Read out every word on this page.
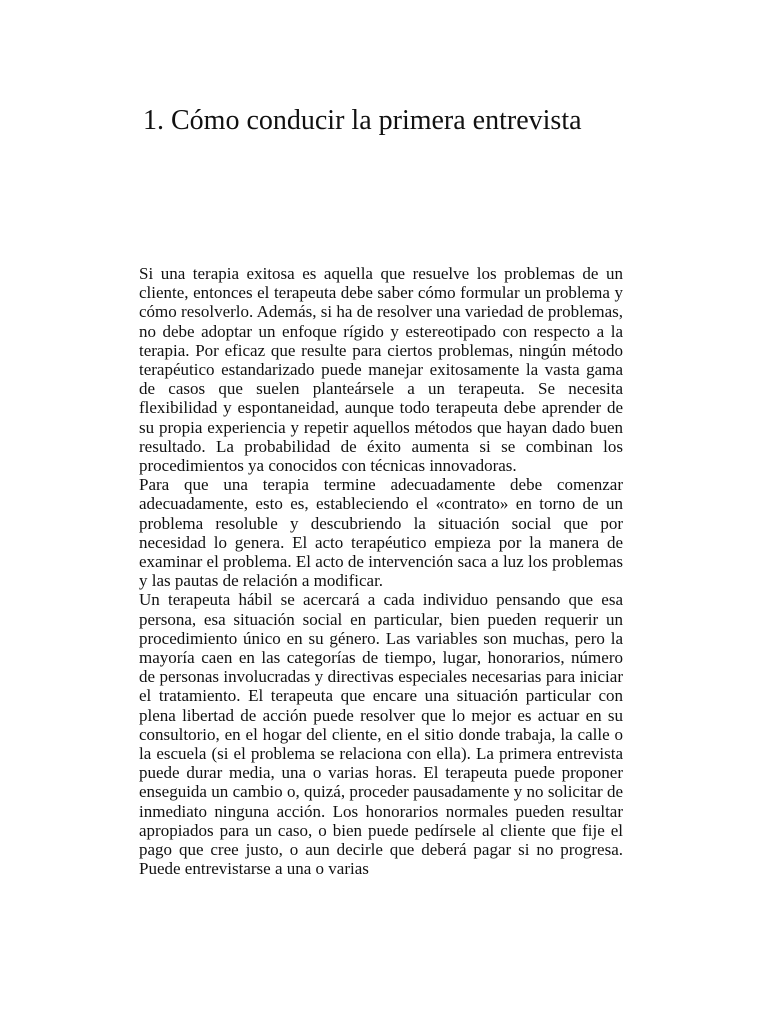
1. Cómo conducir la primera entrevista

Si una terapia exitosa es aquella que resuelve los problemas de un cliente, entonces el terapeuta debe saber cómo formular un problema y cómo resolverlo. Además, si ha de resolver una variedad de problemas, no debe adoptar un enfoque rígido y estereotipado con respecto a la terapia. Por eficaz que resulte para ciertos problemas, ningún método terapéutico estandarizado puede manejar exitosamente la vasta gama de casos que suelen planteársele a un terapeuta. Se necesita flexibilidad y espontaneidad, aunque todo terapeuta debe aprender de su propia experiencia y repetir aquellos métodos que hayan dado buen resultado. La probabilidad de éxito aumenta si se combinan los procedimientos ya conocidos con técnicas innovadoras.

Para que una terapia termine adecuadamente debe comenzar adecuadamente, esto es, estableciendo el «contrato» en torno de un problema resoluble y descubriendo la situación social que por necesidad lo genera. El acto terapéutico empieza por la manera de examinar el problema. El acto de intervención saca a luz los problemas y las pautas de relación a modificar.

Un terapeuta hábil se acercará a cada individuo pensando que esa persona, esa situación social en particular, bien pueden requerir un procedimiento único en su género. Las variables son muchas, pero la mayoría caen en las categorías de tiempo, lugar, honorarios, número de personas involucradas y directivas especiales necesarias para iniciar el tratamiento. El terapeuta que encare una situación particular con plena libertad de acción puede resolver que lo mejor es actuar en su consultorio, en el hogar del cliente, en el sitio donde trabaja, la calle o la escuela (si el problema se relaciona con ella). La primera entrevista puede durar media, una o varias horas. El terapeuta puede proponer enseguida un cambio o, quizá, proceder pausadamente y no solicitar de inmediato ninguna acción. Los honorarios normales pueden resultar apropiados para un caso, o bien puede pedírsele al cliente que fije el pago que cree justo, o aun decirle que deberá pagar si no progresa. Puede entrevistarse a una o varias
